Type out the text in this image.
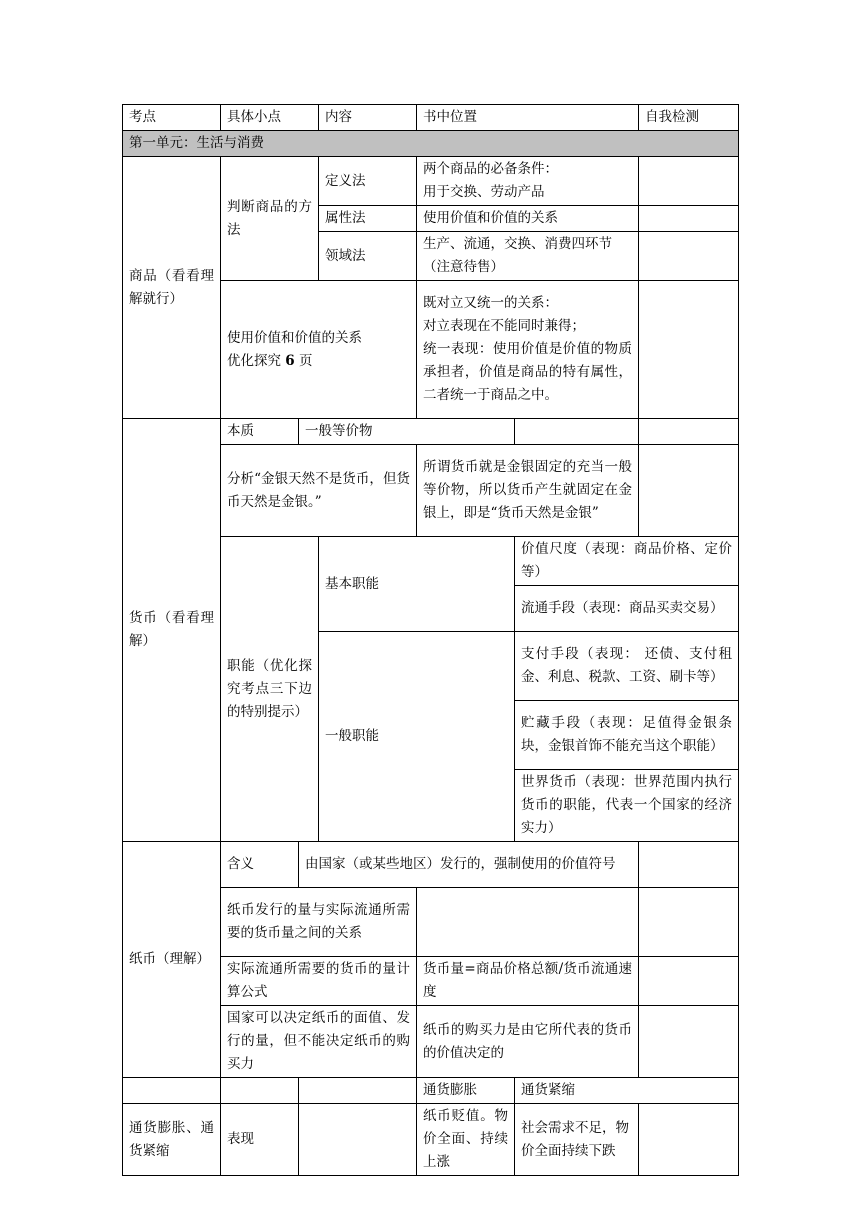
考点	具体小点		内容	书中位置		自我检测	
第一单元：生活与消费							
商品（看看理解就行）	判断商品的方法		定义法	两个商品的必备条件：
用于交换、劳动产品			

			属性法	使用价值和价值的关系			
			领域法	生产、流通，交换、消费四环节（注意待售）			

	使用价值和价值的关系
优化探究 6 页			既对立又统一的关系：
对立表现在不能同时兼得；
统一表现：使用价值是价值的物质承担者，价值是商品的特有属性，二者统一于商品之中。			

货币（看看理解）	本质	一般等价物					
	分析“金银天然不是货币，但货币天然是金银。”			所谓货币就是金银固定的充当一般等价物，所以货币产生就固定在金银上，即是“货币天然是金银”			
	职能（优化探究考点三下边的特别提示）		基本职能		价值尺度（表现：商品价格、定价等）		
					流通手段（表现：商品买卖交易）		
			一般职能		支付手段（表现： 还债、支付租金、利息、税款、工资、刷卡等）		
					贮藏手段（表现：足值得金银条块，金银首饰不能充当这个职能）		
					世界货币（表现：世界范围内执行货币的职能，代表一个国家的经济实力）		
纸币（理解）	含义	由国家（或某些地区）发行的，强制使用的价值符号					
	纸币发行的量与实际流通所需要的货币量之间的关系						
	实际流通所需要的货币的量计算公式			货币量=商品价格总额/货币流通速度			
	国家可以决定纸币的面值、发行的量，但不能决定纸币的购买力			纸币的购买力是由它所代表的货币的价值决定的			
				通货膨胀	通货紧缩		
通货膨胀、通货紧缩	表现			纸币贬值。物价全面、持续上涨	社会需求不足，物价全面持续下跌		
